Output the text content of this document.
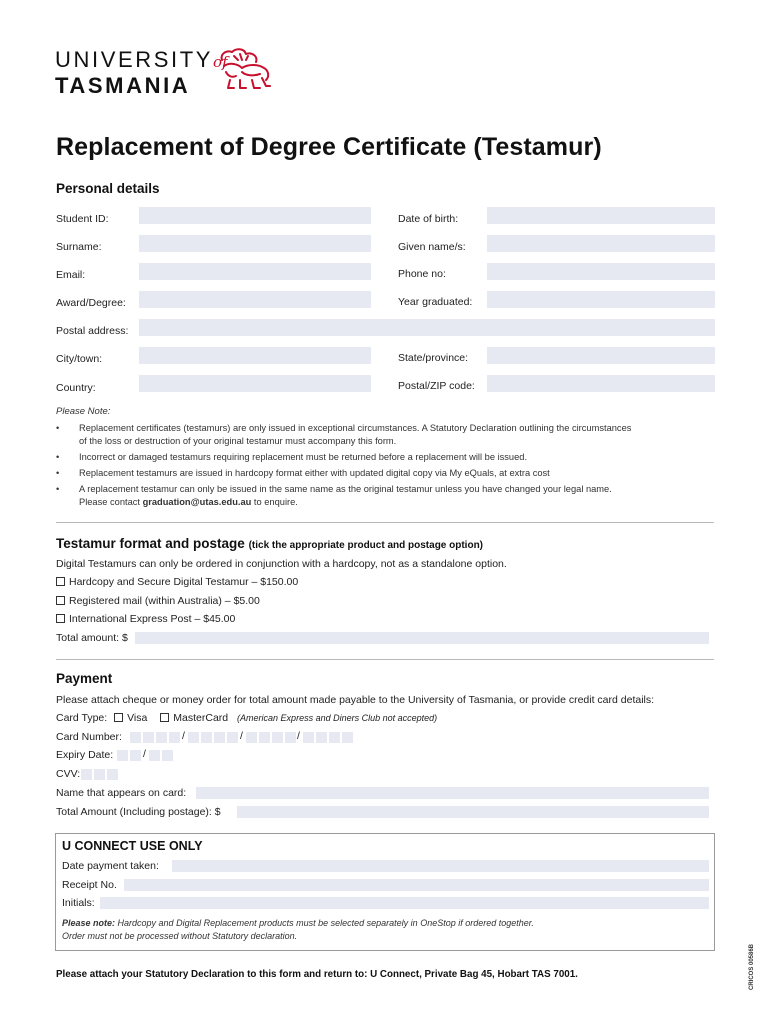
UNIVERSITYof
TASMANIA
Replacement of Degree Certificate (Testamur)
Personal details
Student ID:	Date of birth:
Surname:	Given name/s:
Email:	Phone no:
Award/Degree:	Year graduated:
Postal address:
City/town:	State/province:
Country:	Postal/ZIP code:
Please Note:
• Replacement certificates (testamurs) are only issued in exceptional circumstances. A Statutory Declaration outlining the circumstances
of the loss or destruction of your original testamur must accompany this form.
• Incorrect or damaged testamurs requiring replacement must be returned before a replacement will be issued.
• Replacement testamurs are issued in hardcopy format either with updated digital copy via My eQuals, at extra cost
• A replacement testamur can only be issued in the same name as the original testamur unless you have changed your legal name.
Please contact graduation@utas.edu.au to enquire.
Testamur format and postage (tick the appropriate product and postage option)
Digital Testamurs can only be ordered in conjunction with a hardcopy, not as a standalone option.
Hardcopy and Secure Digital Testamur – $150.00
Registered mail (within Australia) – $5.00
International Express Post – $45.00
Total amount: $
Payment
Please attach cheque or money order for total amount made payable to the University of Tasmania, or provide credit card details:
Card Type: Visa MasterCard (American Express and Diners Club not accepted)
Card Number:	/	/	/
Expiry Date:	/
CVV:
Name that appears on card:
Total Amount (Including postage): $
U CONNECT USE ONLY
Date payment taken:
Receipt No.
Initials:
Please note: Hardcopy and Digital Replacement products must be selected separately in OneStop if ordered together.
Order must not be processed without Statutory declaration.
Please attach your Statutory Declaration to this form and return to: U Connect, Private Bag 45, Hobart TAS 7001.	CRICOS 00586B
